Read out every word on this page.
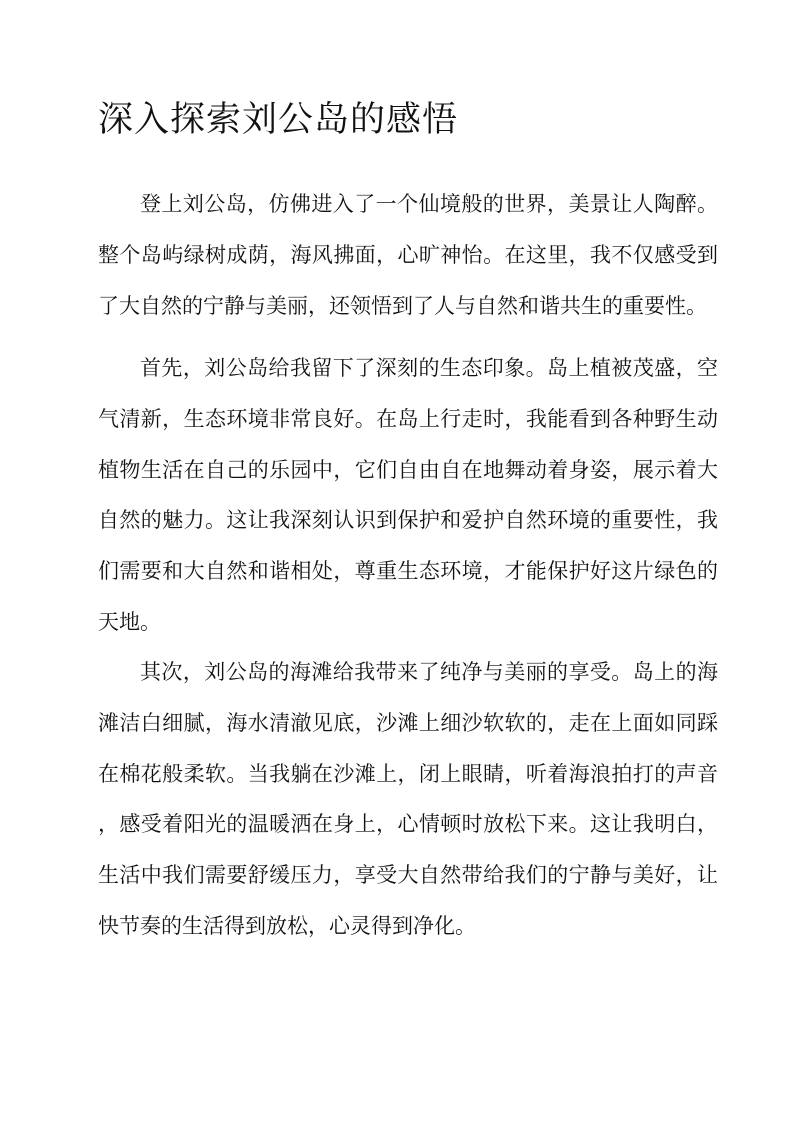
深入探索刘公岛的感悟
登上刘公岛，仿佛进入了一个仙境般的世界，美景让人陶醉。
整个岛屿绿树成荫，海风拂面，心旷神怡。在这里，我不仅感受到
了大自然的宁静与美丽，还领悟到了人与自然和谐共生的重要性。
首先，刘公岛给我留下了深刻的生态印象。岛上植被茂盛，空
气清新，生态环境非常良好。在岛上行走时，我能看到各种野生动
植物生活在自己的乐园中，它们自由自在地舞动着身姿，展示着大
自然的魅力。这让我深刻认识到保护和爱护自然环境的重要性，我
们需要和大自然和谐相处，尊重生态环境，才能保护好这片绿色的
天地。
其次，刘公岛的海滩给我带来了纯净与美丽的享受。岛上的海
滩洁白细腻，海水清澈见底，沙滩上细沙软软的，走在上面如同踩
在棉花般柔软。当我躺在沙滩上，闭上眼睛，听着海浪拍打的声音
，感受着阳光的温暖洒在身上，心情顿时放松下来。这让我明白，
生活中我们需要舒缓压力，享受大自然带给我们的宁静与美好，让
快节奏的生活得到放松，心灵得到净化。
